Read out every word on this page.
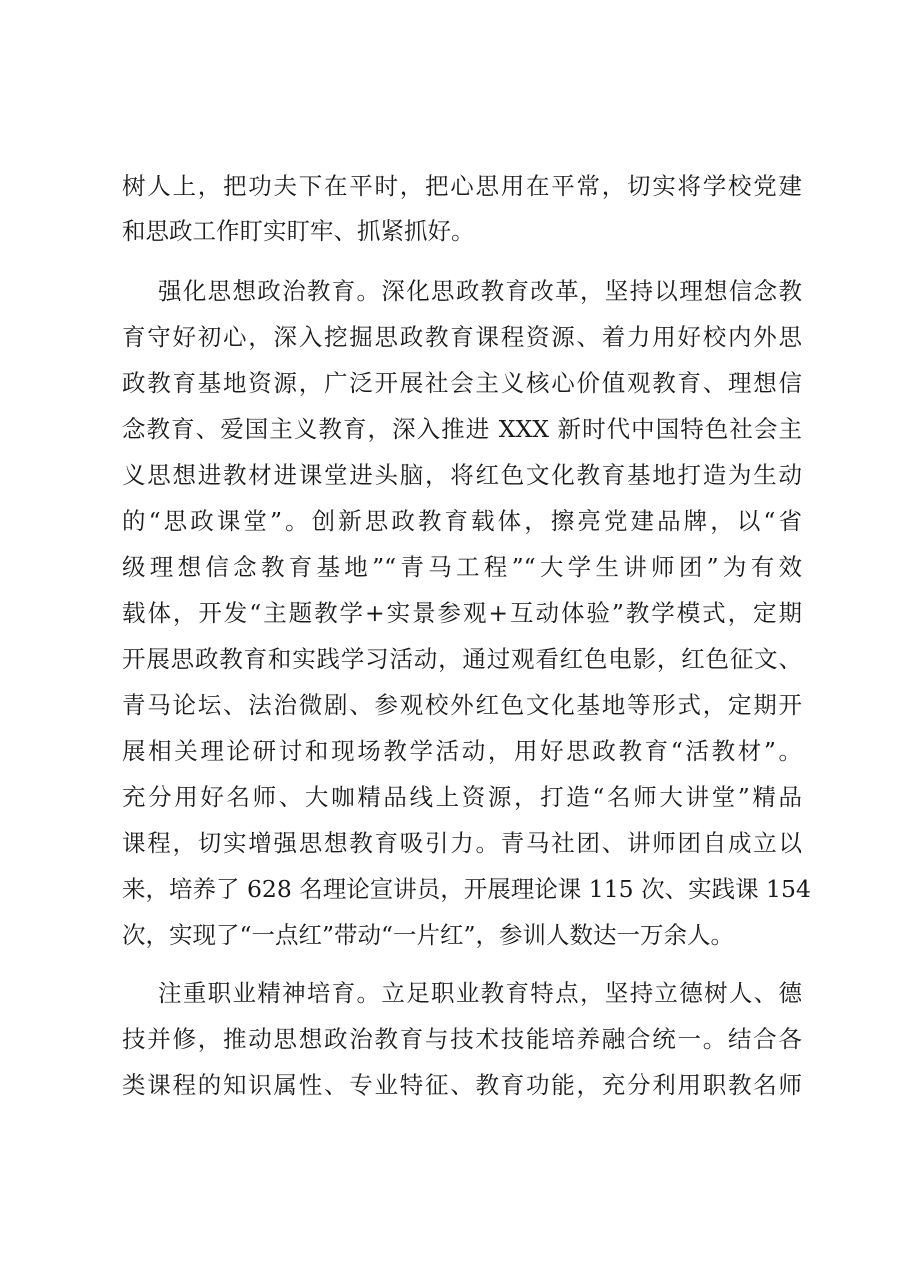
树人上，把功夫下在平时，把心思用在平常，切实将学校党建
和思政工作盯实盯牢、抓紧抓好。
强化思想政治教育。深化思政教育改革，坚持以理想信念教
育守好初心，深入挖掘思政教育课程资源、着力用好校内外思
政教育基地资源，广泛开展社会主义核心价值观教育、理想信
念教育、爱国主义教育，深入推进 XXX 新时代中国特色社会主
义思想进教材进课堂进头脑，将红色文化教育基地打造为生动
的“思政课堂”。创新思政教育载体，擦亮党建品牌，以“省
级理想信念教育基地”“青马工程”“大学生讲师团”为有效
载体，开发“主题教学+实景参观+互动体验”教学模式，定期
开展思政教育和实践学习活动，通过观看红色电影，红色征文、
青马论坛、法治微剧、参观校外红色文化基地等形式，定期开
展相关理论研讨和现场教学活动，用好思政教育“活教材”。
充分用好名师、大咖精品线上资源，打造“名师大讲堂”精品
课程，切实增强思想教育吸引力。青马社团、讲师团自成立以
来，培养了 628 名理论宣讲员，开展理论课 115 次、实践课 154
次，实现了“一点红”带动“一片红”，参训人数达一万余人。
注重职业精神培育。立足职业教育特点，坚持立德树人、德
技并修，推动思想政治教育与技术技能培养融合统一。结合各
类课程的知识属性、专业特征、教育功能，充分利用职教名师
